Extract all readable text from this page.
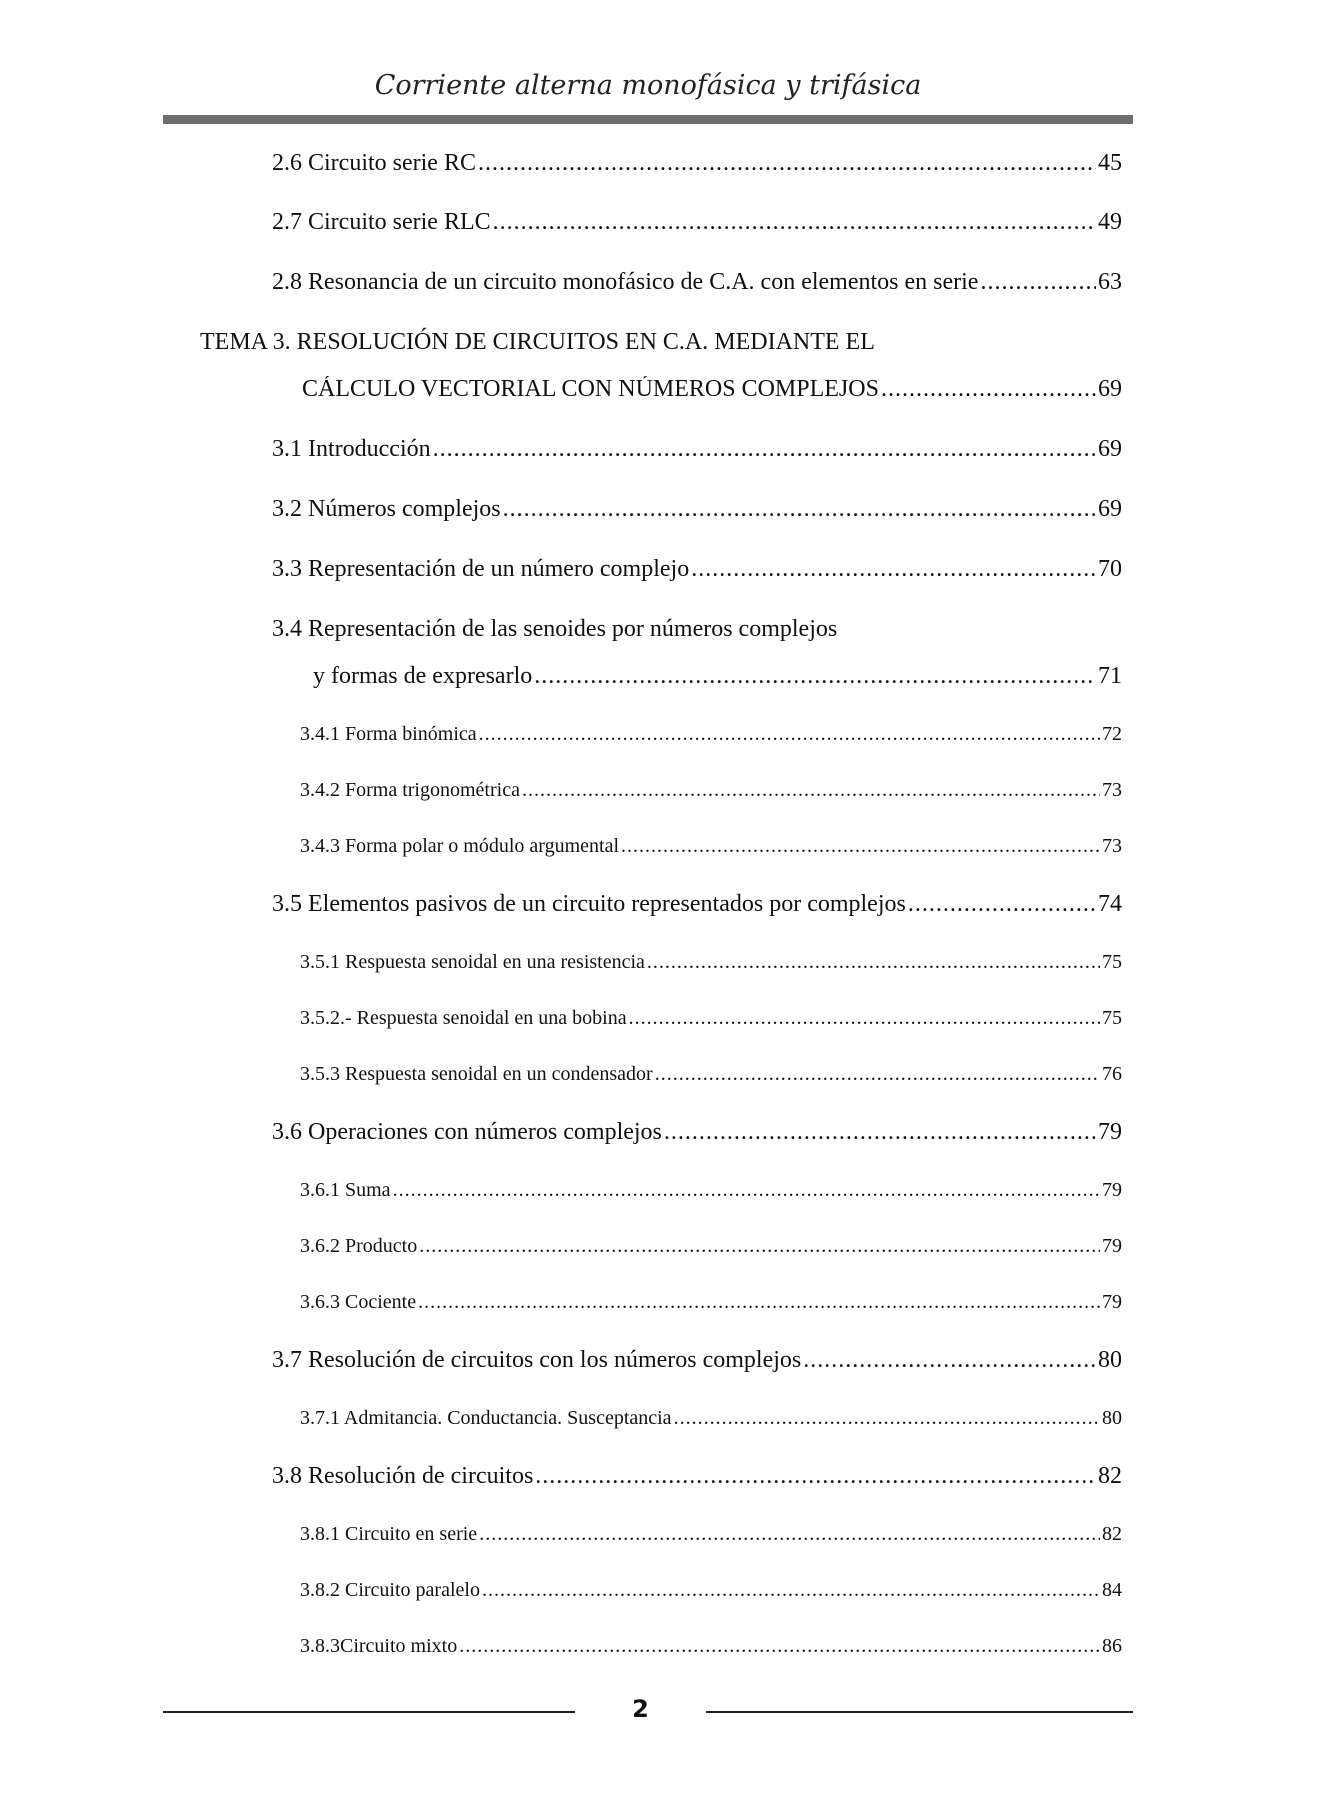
Corriente alterna monofásica y trifásica
2.6 Circuito serie RC .....	45
2.7 Circuito serie RLC .....	49
2.8 Resonancia de un circuito monofásico de C.A. con elementos en serie .....	63
TEMA 3. RESOLUCIÓN DE CIRCUITOS EN C.A. MEDIANTE EL
CÁLCULO VECTORIAL CON NÚMEROS COMPLEJOS .....	69
3.1 Introducción .....	69
3.2 Números complejos .....	69
3.3 Representación de un número complejo .....	70
3.4 Representación de las senoides por números complejos
y formas de expresarlo .....	71
3.4.1 Forma binómica .....	72
3.4.2 Forma trigonométrica .....	73
3.4.3 Forma polar o módulo argumental .....	73
3.5 Elementos pasivos de un circuito representados por complejos .....	74
3.5.1 Respuesta senoidal en una resistencia .....	75
3.5.2.- Respuesta senoidal en una bobina .....	75
3.5.3 Respuesta senoidal en un condensador .....	76
3.6 Operaciones con números complejos .....	79
3.6.1 Suma .....	79
3.6.2 Producto .....	79
3.6.3 Cociente .....	79
3.7 Resolución de circuitos con los números complejos .....	80
3.7.1 Admitancia. Conductancia. Susceptancia .....	80
3.8 Resolución de circuitos .....	82
3.8.1 Circuito en serie .....	82
3.8.2 Circuito paralelo .....	84
3.8.3Circuito mixto .....	86
2
